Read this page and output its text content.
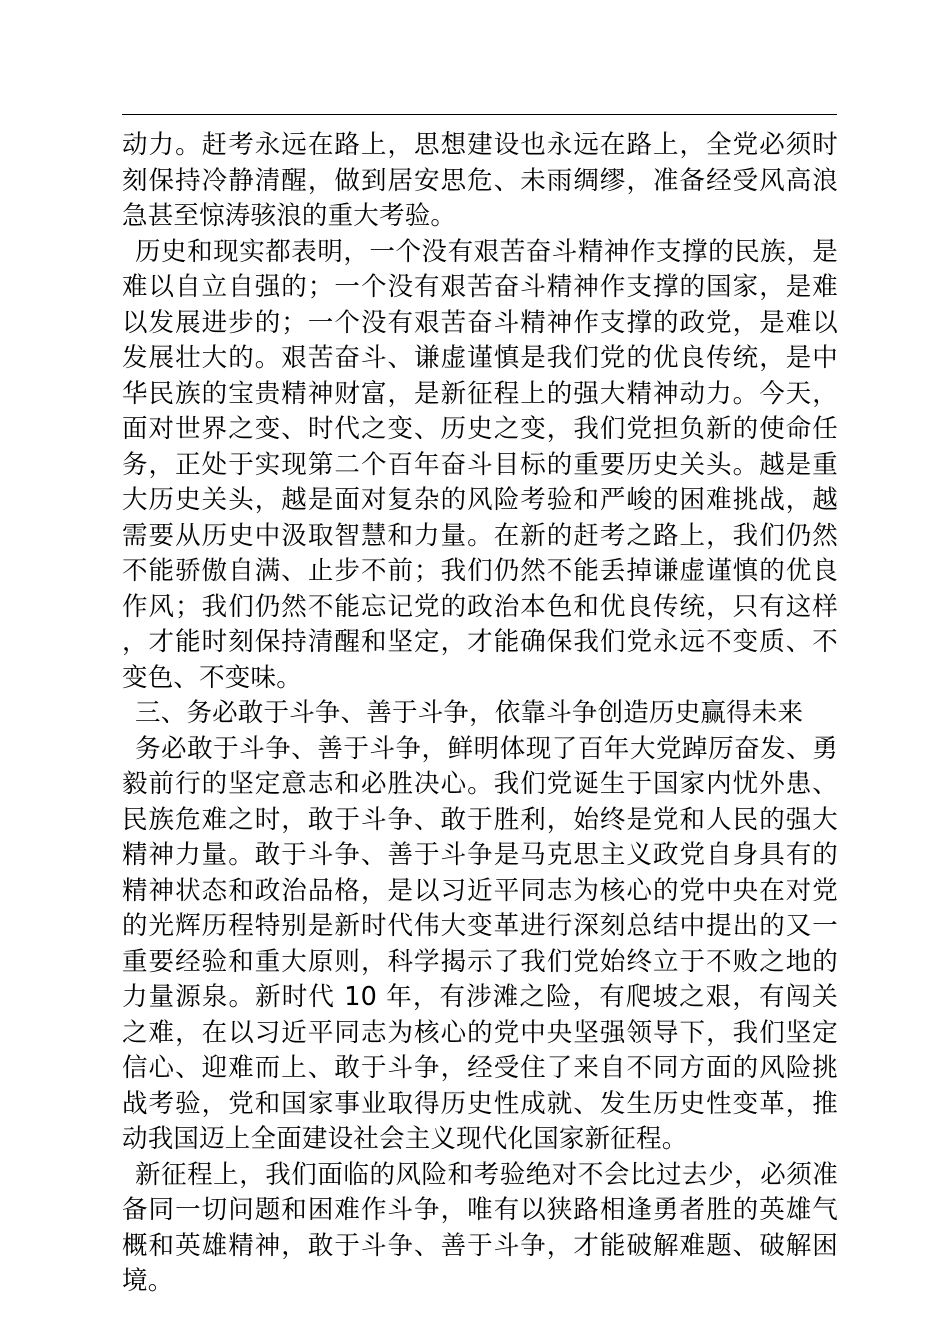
动力。赶考永远在路上，思想建设也永远在路上，全党必须时刻保持冷静清醒，做到居安思危、未雨绸缪，准备经受风高浪急甚至惊涛骇浪的重大考验。

历史和现实都表明，一个没有艰苦奋斗精神作支撑的民族，是难以自立自强的；一个没有艰苦奋斗精神作支撑的国家，是难以发展进步的；一个没有艰苦奋斗精神作支撑的政党，是难以发展壮大的。艰苦奋斗、谦虚谨慎是我们党的优良传统，是中华民族的宝贵精神财富，是新征程上的强大精神动力。今天，面对世界之变、时代之变、历史之变，我们党担负新的使命任务，正处于实现第二个百年奋斗目标的重要历史关头。越是重大历史关头，越是面对复杂的风险考验和严峻的困难挑战，越需要从历史中汲取智慧和力量。在新的赶考之路上，我们仍然不能骄傲自满、止步不前；我们仍然不能丢掉谦虚谨慎的优良作风；我们仍然不能忘记党的政治本色和优良传统，只有这样，才能时刻保持清醒和坚定，才能确保我们党永远不变质、不变色、不变味。

三、务必敢于斗争、善于斗争，依靠斗争创造历史赢得未来

务必敢于斗争、善于斗争，鲜明体现了百年大党踔厉奋发、勇毅前行的坚定意志和必胜决心。我们党诞生于国家内忧外患、民族危难之时，敢于斗争、敢于胜利，始终是党和人民的强大精神力量。敢于斗争、善于斗争是马克思主义政党自身具有的精神状态和政治品格，是以习近平同志为核心的党中央在对党的光辉历程特别是新时代伟大变革进行深刻总结中提出的又一重要经验和重大原则，科学揭示了我们党始终立于不败之地的力量源泉。新时代 10 年，有涉滩之险，有爬坡之艰，有闯关之难，在以习近平同志为核心的党中央坚强领导下，我们坚定信心、迎难而上、敢于斗争，经受住了来自不同方面的风险挑战考验，党和国家事业取得历史性成就、发生历史性变革，推动我国迈上全面建设社会主义现代化国家新征程。

新征程上，我们面临的风险和考验绝对不会比过去少，必须准备同一切问题和困难作斗争，唯有以狭路相逢勇者胜的英雄气概和英雄精神，敢于斗争、善于斗争，才能破解难题、破解困境。
